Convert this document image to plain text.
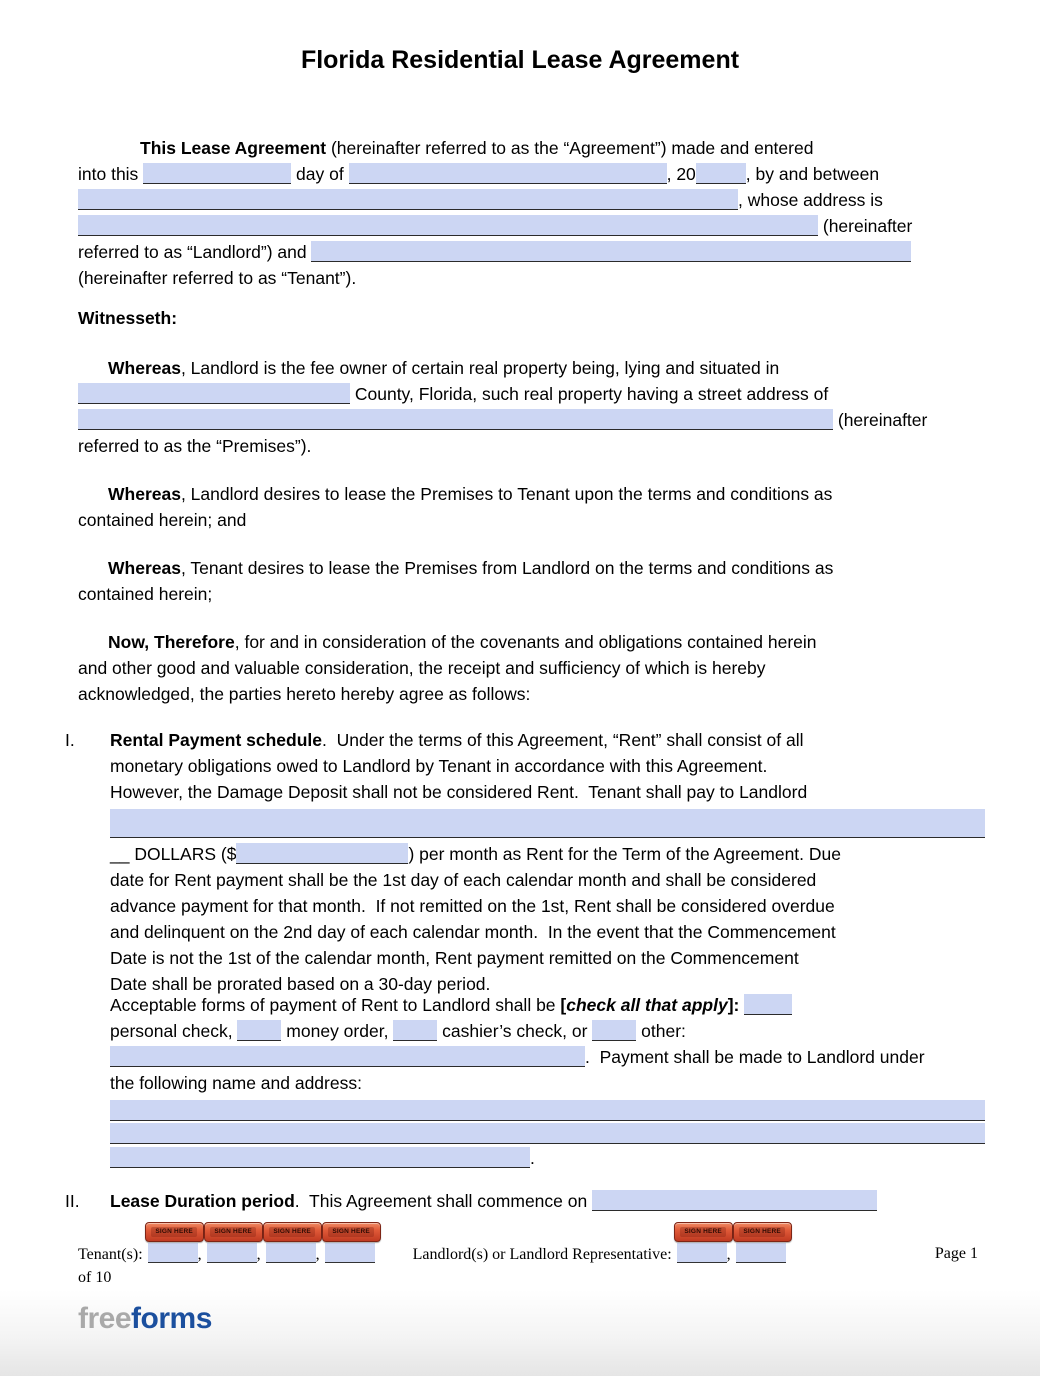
Florida Residential Lease Agreement
This Lease Agreement (hereinafter referred to as the “Agreement”) made and entered
into this	day of	, 20	, by and between
, whose address is
(hereinafter
referred to as “Landlord”) and
(hereinafter referred to as “Tenant”).
Witnesseth:
Whereas, Landlord is the fee owner of certain real property being, lying and situated in
County, Florida, such real property having a street address of
(hereinafter
referred to as the “Premises”).
Whereas, Landlord desires to lease the Premises to Tenant upon the terms and conditions as
contained herein; and
Whereas, Tenant desires to lease the Premises from Landlord on the terms and conditions as
contained herein;
Now, Therefore, for and in consideration of the covenants and obligations contained herein
and other good and valuable consideration, the receipt and sufficiency of which is hereby
acknowledged, the parties hereto hereby agree as follows:
I. Rental Payment schedule.  Under the terms of this Agreement, “Rent” shall consist of all
monetary obligations owed to Landlord by Tenant in accordance with this Agreement.
However, the Damage Deposit shall not be considered Rent.  Tenant shall pay to Landlord
__ DOLLARS ($	) per month as Rent for the Term of the Agreement. Due
date for Rent payment shall be the 1st day of each calendar month and shall be considered
advance payment for that month.  If not remitted on the 1st, Rent shall be considered overdue
and delinquent on the 2nd day of each calendar month.  In the event that the Commencement
Date is not the 1st of the calendar month, Rent payment remitted on the Commencement
Date shall be prorated based on a 30-day period.
Acceptable forms of payment of Rent to Landlord shall be [check all that apply]:
personal check,	money order,	cashier’s check, or	other:
.  Payment shall be made to Landlord under
the following name and address:
.
II. Lease Duration period.  This Agreement shall commence on
Tenant(s):
SIGN HERE
,
SIGN HERE
,
SIGN HERE
,
SIGN HERE
Landlord(s) or Landlord Representative:
SIGN HERE
,
SIGN HERE
Page 1
of 10
freeforms
